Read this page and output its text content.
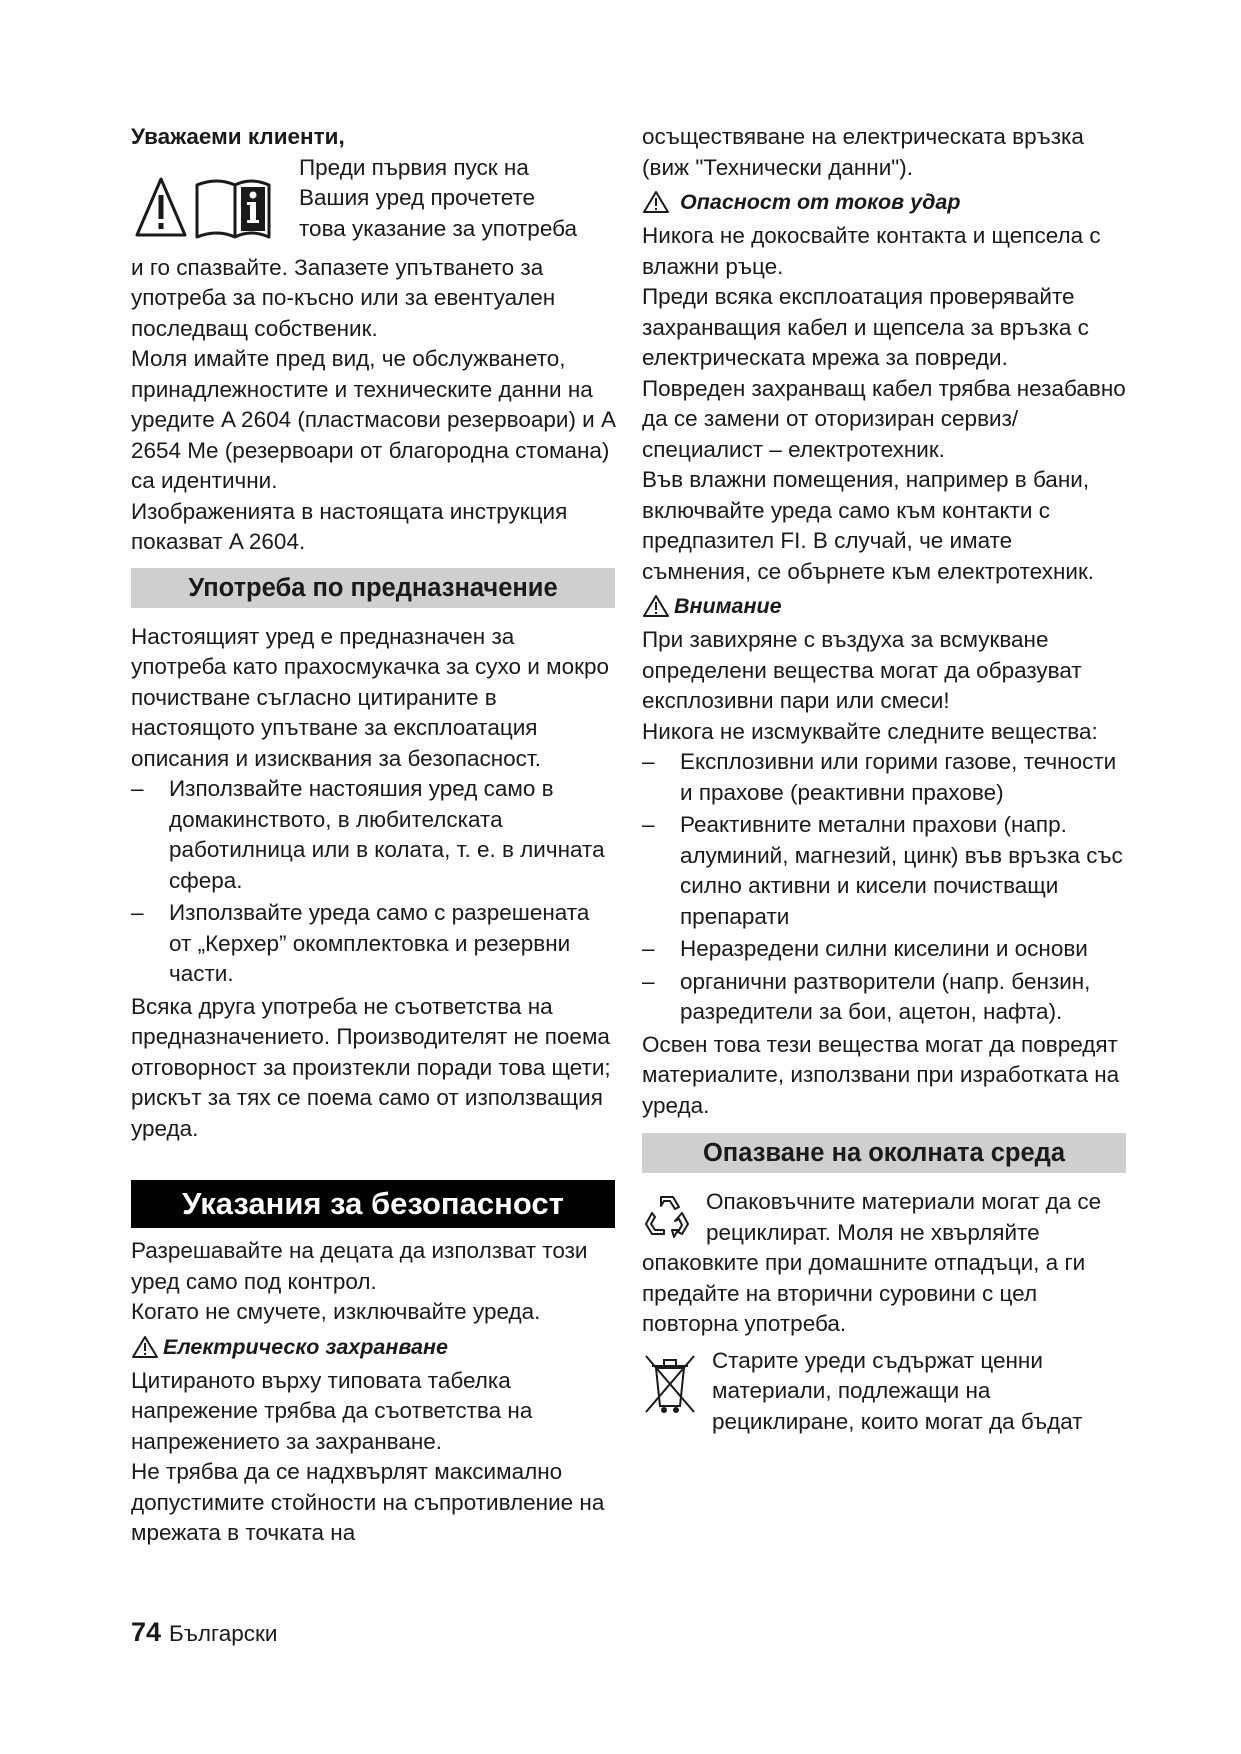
Уважаеми клиенти,

Преди първия пуск на

Вашия уред прочетете

това указание за употреба

и го спазвайте. Запазете упътването за употреба за по-късно или за евентуален последващ собственик.

Моля имайте пред вид, че обслужването, принадлежностите и техническите данни на уредите A 2604 (пластмасови резервоари) и A 2654 Me (резервоари от благородна стомана) са идентични.

Изображенията в настоящата инструкция показват A 2604.

Употреба по предназначение

Настоящият уред е предназначен за употреба като прахосмукачка за сухо и мокро почистване съгласно цитираните в настоящото упътване за експлоатация описания и изисквания за безопасност.

– Използвайте настояшия уред само в домакинството, в любителската работилница или в колата, т. е. в личната сфера.
– Използвайте уреда само с разрешената от „Керхер” окомплектовка и резервни части.

Всяка друга употреба не съответства на предназначението. Производителят не поема отговорност за произтекли поради това щети; рискът за тях се поема само от използващия уреда.

Указания за безопасност

Разрешавайте на децата да използват този уред само под контрол.

Когато не смучете, изключвайте уреда.

Електрическо захранване

Цитираното върху типовата табелка напрежение трябва да съответства на напрежението за захранване.

Не трябва да се надхвърлят максимално допустимите стойности на съпротивление на мрежата в точката на

осъществяване на електрическата връзка (виж "Технически данни").

Опасност от токов удар

Никога не докосвайте контакта и щепсела с влажни ръце.

Преди всяка експлоатация проверявайте захранващия кабел и щепсела за връзка с електрическата мрежа за повреди.

Повреден захранващ кабел трябва незабавно да се замени от оторизиран сервиз/специалист – електротехник.

Във влажни помещения, например в бани, включвайте уреда само към контакти с предпазител FI. В случай, че имате съмнения, се обърнете към електротехник.

Внимание

При завихряне с въздуха за всмукване определени вещества могат да образуват експлозивни пари или смеси!

Никога не изсмуквайте следните вещества:

– Експлозивни или горими газове, течности и прахове (реактивни прахове)
– Реактивните метални прахови (напр. алуминий, магнезий, цинк) във връзка със силно активни и кисели почистващи препарати
– Неразредени силни киселини и основи
– органични разтворители (напр. бензин, разредители за бои, ацетон, нафта).

Освен това тези вещества могат да повредят материалите, използвани при изработката на уреда.

Опазване на околната среда

Опаковъчните материали могат да се рециклират. Моля не хвърляйте опаковките при домашните отпадъци, а ги предайте на вторични суровини с цел повторна употреба.

Старите уреди съдържат ценни материали, подлежащи на рециклиране, които могат да бъдат

74 Български
